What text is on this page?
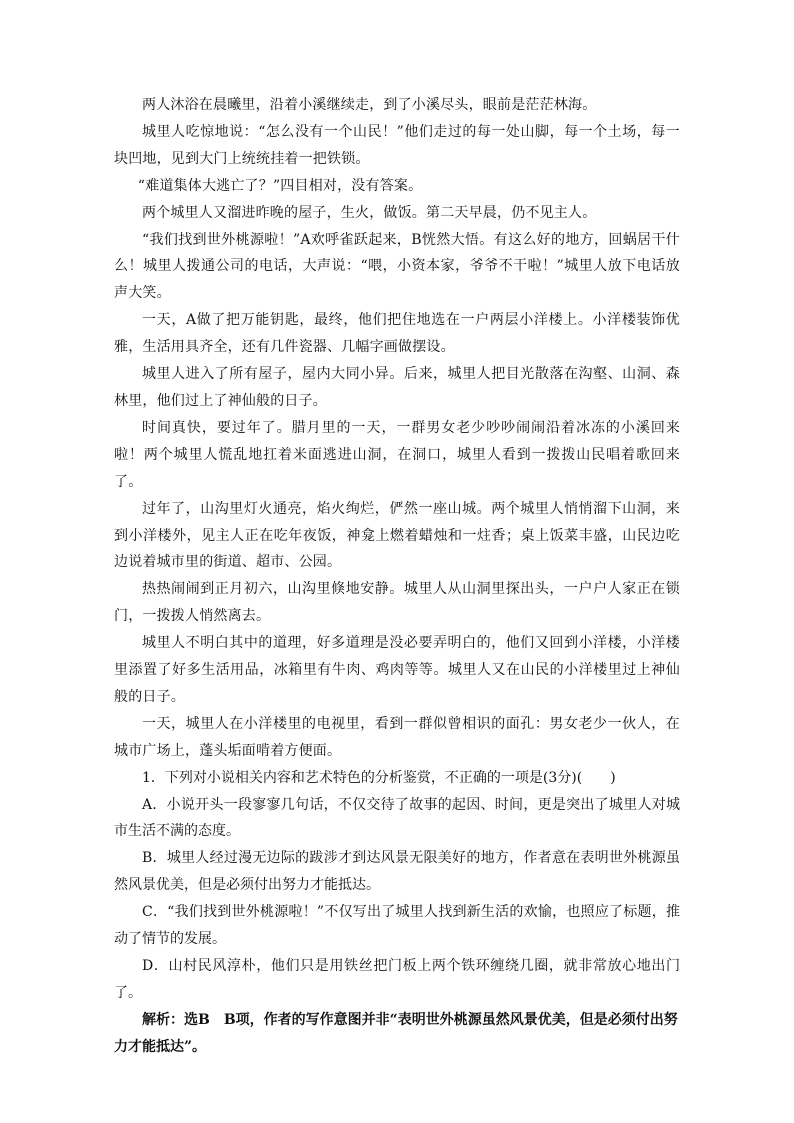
两人沐浴在晨曦里，沿着小溪继续走，到了小溪尽头，眼前是茫茫林海。

城里人吃惊地说：“怎么没有一个山民！”他们走过的每一处山脚，每一个土场，每一块凹地，见到大门上统统挂着一把铁锁。

“难道集体大逃亡了？”四目相对，没有答案。

两个城里人又溜进昨晚的屋子，生火，做饭。第二天早晨，仍不见主人。

“我们找到世外桃源啦！”A欢呼雀跃起来，B恍然大悟。有这么好的地方，回蜗居干什么！城里人拨通公司的电话，大声说：“喂，小资本家，爷爷不干啦！”城里人放下电话放声大笑。

一天，A做了把万能钥匙，最终，他们把住地选在一户两层小洋楼上。小洋楼装饰优雅，生活用具齐全，还有几件瓷器、几幅字画做摆设。

城里人进入了所有屋子，屋内大同小异。后来，城里人把目光散落在沟壑、山洞、森林里，他们过上了神仙般的日子。

时间真快，要过年了。腊月里的一天，一群男女老少吵吵闹闹沿着冰冻的小溪回来啦！两个城里人慌乱地扛着米面逃进山洞，在洞口，城里人看到一拨拨山民唱着歌回来了。

过年了，山沟里灯火通亮，焰火绚烂，俨然一座山城。两个城里人悄悄溜下山洞，来到小洋楼外，见主人正在吃年夜饭，神龛上燃着蜡烛和一炷香；桌上饭菜丰盛，山民边吃边说着城市里的街道、超市、公园。

热热闹闹到正月初六，山沟里倏地安静。城里人从山洞里探出头，一户户人家正在锁门，一拨拨人悄然离去。

城里人不明白其中的道理，好多道理是没必要弄明白的，他们又回到小洋楼，小洋楼里添置了好多生活用品，冰箱里有牛肉、鸡肉等等。城里人又在山民的小洋楼里过上神仙般的日子。

一天，城里人在小洋楼里的电视里，看到一群似曾相识的面孔：男女老少一伙人，在城市广场上，蓬头垢面啃着方便面。

1．下列对小说相关内容和艺术特色的分析鉴赏，不正确的一项是(3分)(　　)

A．小说开头一段寥寥几句话，不仅交待了故事的起因、时间，更是突出了城里人对城市生活不满的态度。

B．城里人经过漫无边际的跋涉才到达风景无限美好的地方，作者意在表明世外桃源虽然风景优美，但是必须付出努力才能抵达。

C．“我们找到世外桃源啦！”不仅写出了城里人找到新生活的欢愉，也照应了标题，推动了情节的发展。

D．山村民风淳朴，他们只是用铁丝把门板上两个铁环缠绕几圈，就非常放心地出门了。

解析：选B　B项，作者的写作意图并非“表明世外桃源虽然风景优美，但是必须付出努力才能抵达”。
